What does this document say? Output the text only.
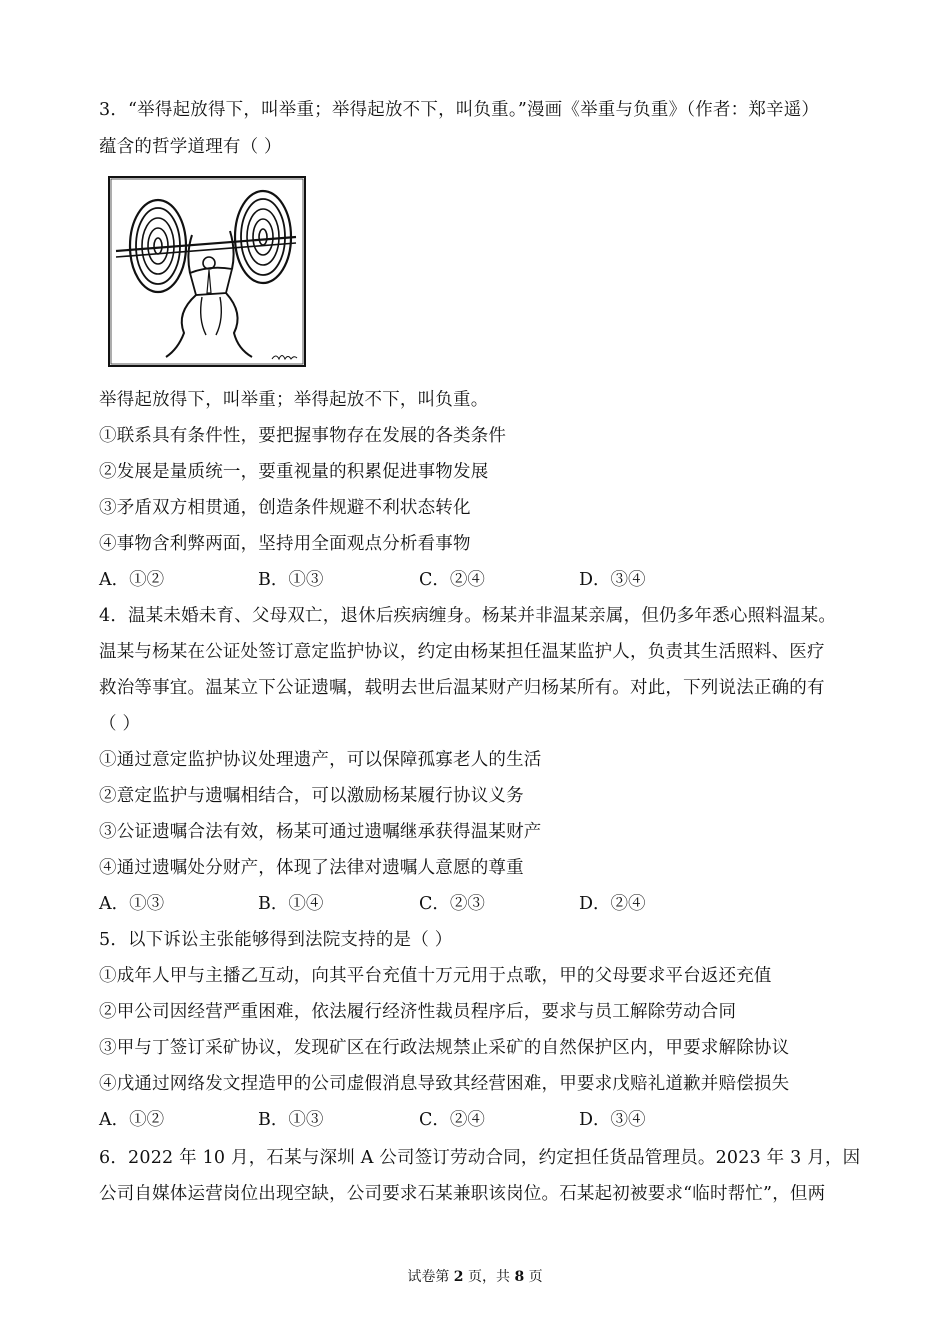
3．“举得起放得下，叫举重；举得起放不下，叫负重。”漫画《举重与负重》（作者：郑辛遥）
蕴含的哲学道理有（ ）
举得起放得下，叫举重；举得起放不下，叫负重。
①联系具有条件性，要把握事物存在发展的各类条件
②发展是量质统一，要重视量的积累促进事物发展
③矛盾双方相贯通，创造条件规避不利状态转化
④事物含利弊两面，坚持用全面观点分析看事物
A．①②	B．①③	C．②④	D．③④
4．温某未婚未育、父母双亡，退休后疾病缠身。杨某并非温某亲属，但仍多年悉心照料温某。
温某与杨某在公证处签订意定监护协议，约定由杨某担任温某监护人，负责其生活照料、医疗
救治等事宜。温某立下公证遗嘱，载明去世后温某财产归杨某所有。对此，下列说法正确的有
（ ）
①通过意定监护协议处理遗产，可以保障孤寡老人的生活
②意定监护与遗嘱相结合，可以激励杨某履行协议义务
③公证遗嘱合法有效，杨某可通过遗嘱继承获得温某财产
④通过遗嘱处分财产，体现了法律对遗嘱人意愿的尊重
A．①③	B．①④	C．②③	D．②④
5．以下诉讼主张能够得到法院支持的是（ ）
①成年人甲与主播乙互动，向其平台充值十万元用于点歌，甲的父母要求平台返还充值
②甲公司因经营严重困难，依法履行经济性裁员程序后，要求与员工解除劳动合同
③甲与丁签订采矿协议，发现矿区在行政法规禁止采矿的自然保护区内，甲要求解除协议
④戊通过网络发文捏造甲的公司虚假消息导致其经营困难，甲要求戊赔礼道歉并赔偿损失
A．①②	B．①③	C．②④	D．③④
6．2022 年 10 月，石某与深圳 A 公司签订劳动合同，约定担任货品管理员。2023 年 3 月，因
公司自媒体运营岗位出现空缺，公司要求石某兼职该岗位。石某起初被要求“临时帮忙”，但两
试卷第 2 页，共 8 页
